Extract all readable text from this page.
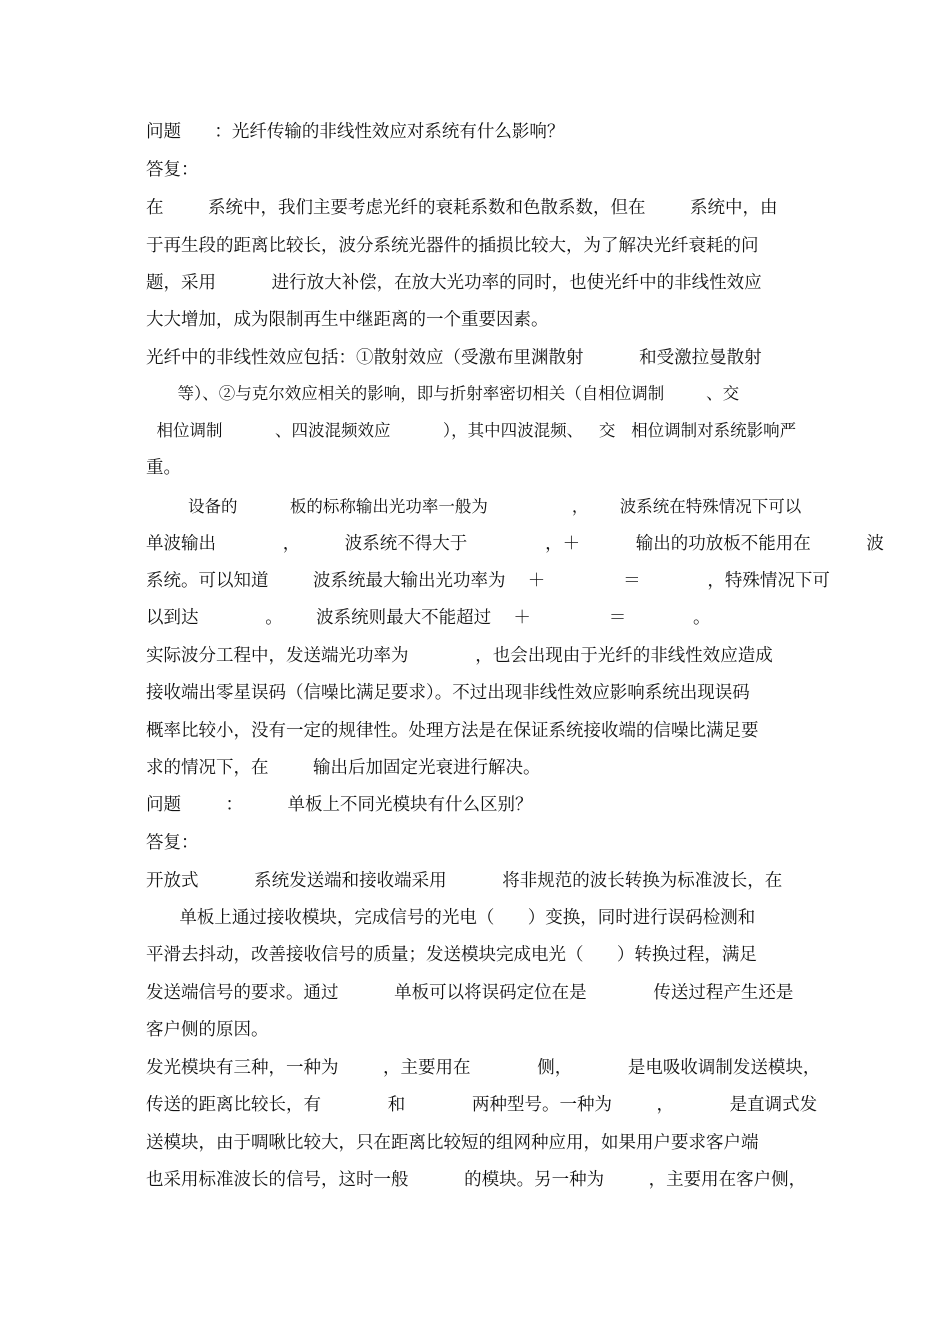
问题      ：光纤传输的非线性效应对系统有什么影响？
答复：
在        系统中，我们主要考虑光纤的衰耗系数和色散系数，但在        系统中，由
于再生段的距离比较长，波分系统光器件的插损比较大，为了解决光纤衰耗的问
题，采用          进行放大补偿，在放大光功率的同时，也使光纤中的非线性效应
大大增加，成为限制再生中继距离的一个重要因素。
光纤中的非线性效应包括：①散射效应（受激布里渊散射          和受激拉曼散射
等）、②与克尔效应相关的影响，即与折射率密切相关（自相位调制        、交
相位调制          、四波混频效应          ），其中四波混频、   交   相位调制对系统影响严
重。
设备的          板的标称输出光功率一般为                ，      波系统在特殊情况下可以
单波输出            ，        波系统不得大于              ，＋          输出的功放板不能用在          波
系统。可以知道        波系统最大输出光功率为    ＋              ＝            ，特殊情况下可
以到达            。      波系统则最大不能超过    ＋              ＝            。
实际波分工程中，发送端光功率为            ，也会出现由于光纤的非线性效应造成
接收端出零星误码（信噪比满足要求）。不过出现非线性效应影响系统出现误码
概率比较小，没有一定的规律性。处理方法是在保证系统接收端的信噪比满足要
求的情况下，在        输出后加固定光衰进行解决。
问题        ：        单板上不同光模块有什么区别？
答复：
开放式          系统发送端和接收端采用          将非规范的波长转换为标准波长，在
单板上通过接收模块，完成信号的光电（      ）变换，同时进行误码检测和
平滑去抖动，改善接收信号的质量；发送模块完成电光（      ）转换过程，满足
发送端信号的要求。通过          单板可以将误码定位在是            传送过程产生还是
客户侧的原因。
发光模块有三种，一种为        ，主要用在            侧，          是电吸收调制发送模块，
传送的距离比较长，有            和            两种型号。一种为        ，          是直调式发
送模块，由于啁啾比较大，只在距离比较短的组网种应用，如果用户要求客户端
也采用标准波长的信号，这时一般          的模块。另一种为        ，主要用在客户侧，
